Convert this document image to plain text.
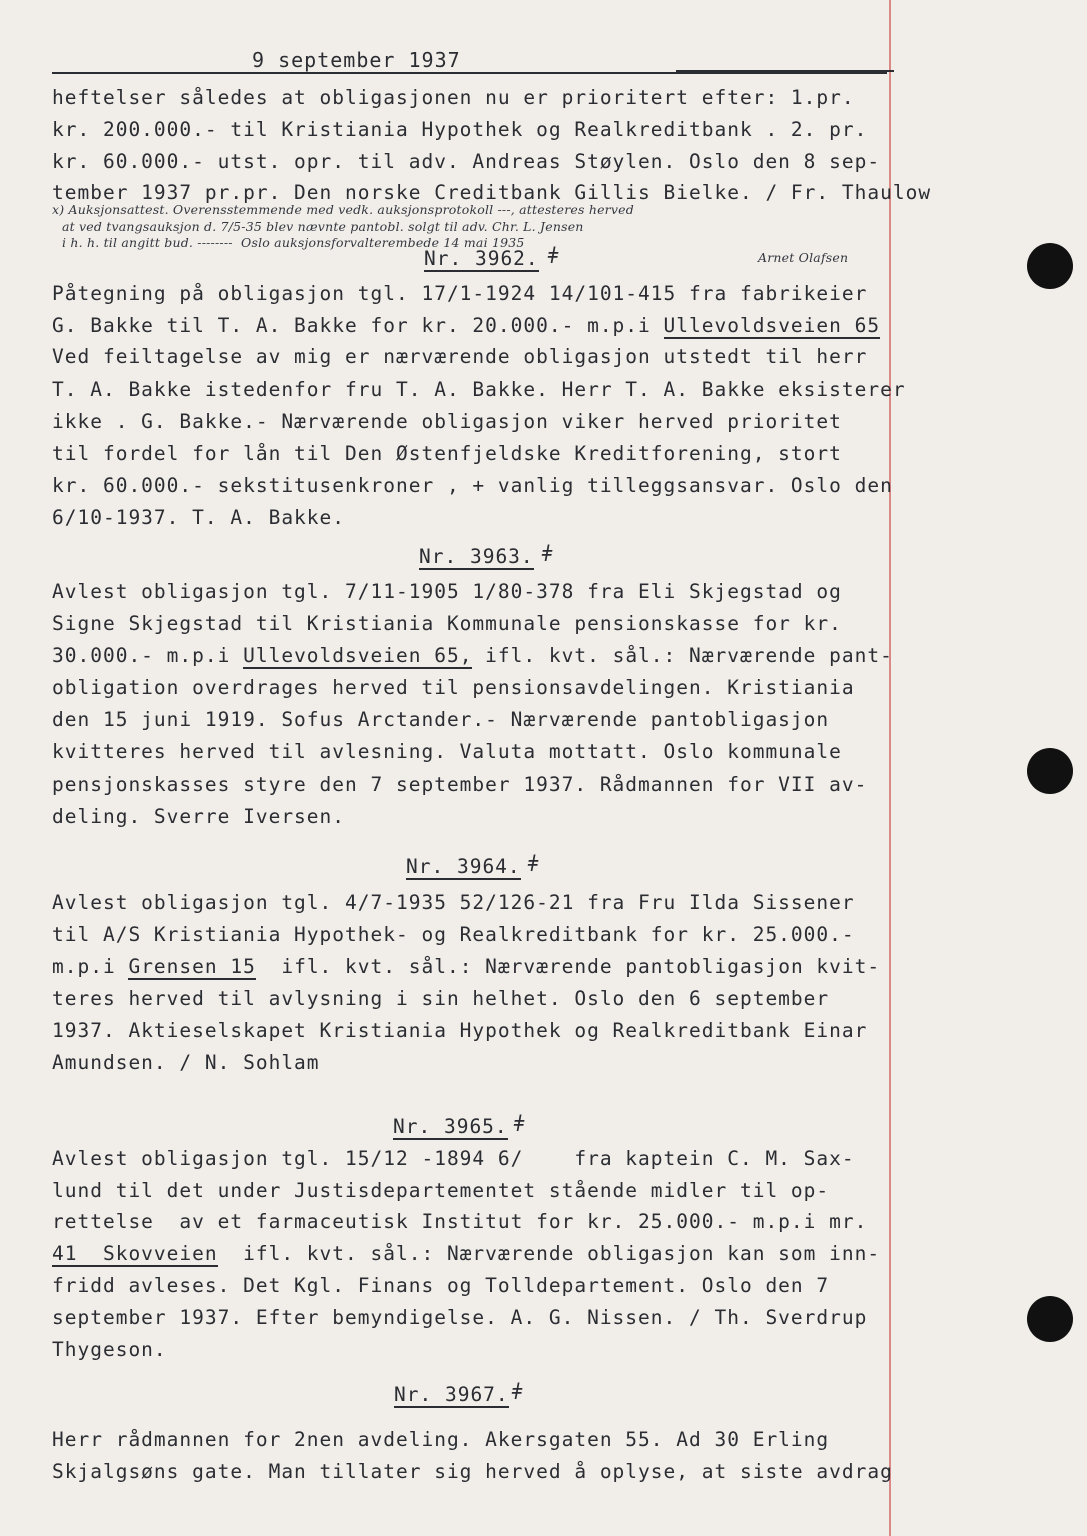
9 september 1937

heftelser således at obligasjonen nu er prioritert efter: 1.pr.

kr. 200.000.- til Kristiania Hypothek og Realkreditbank . 2. pr.

kr. 60.000.- utst. opr. til adv. Andreas Støylen. Oslo den 8 sep-

tember 1937 pr.pr. Den norske Creditbank Gillis Bielke. / Fr. Thaulow

x) Auksjonsattest. Overensstemmende med vedk. auksjonsprotokoll ---, attesteres herved
at ved tvangsauksjon d. 7/5-35 blev nævnte pantobl. solgt til adv. Chr. L. Jensen
i h. h. til angitt bud. --------  Oslo auksjonsforvalterembede 14 mai 1935
Arnet Olafsen
Nr. 3962. ǂ

Påtegning på obligasjon tgl. 17/1-1924 14/101-415 fra fabrikeier

G. Bakke til T. A. Bakke for kr. 20.000.- m.p.i Ullevoldsveien 65

Ved feiltagelse av mig er nærværende obligasjon utstedt til herr

T. A. Bakke istedenfor fru T. A. Bakke. Herr T. A. Bakke eksisterer

ikke . G. Bakke.- Nærværende obligasjon viker herved prioritet

til fordel for lån til Den Østenfjeldske Kreditforening, stort

kr. 60.000.- sekstitusenkroner , + vanlig tilleggsansvar. Oslo den

6/10-1937. T. A. Bakke.

Nr. 3963. ǂ

Avlest obligasjon tgl. 7/11-1905 1/80-378 fra Eli Skjegstad og

Signe Skjegstad til Kristiania Kommunale pensionskasse for kr.

30.000.- m.p.i Ullevoldsveien 65, ifl. kvt. sål.: Nærværende pant-

obligation overdrages herved til pensionsavdelingen. Kristiania

den 15 juni 1919. Sofus Arctander.- Nærværende pantobligasjon

kvitteres herved til avlesning. Valuta mottatt. Oslo kommunale

pensjonskasses styre den 7 september 1937. Rådmannen for VII av-

deling. Sverre Iversen.

Nr. 3964. ǂ

Avlest obligasjon tgl. 4/7-1935 52/126-21 fra Fru Ilda Sissener

til A/S Kristiania Hypothek- og Realkreditbank for kr. 25.000.-

m.p.i Grensen 15  ifl. kvt. sål.: Nærværende pantobligasjon kvit-

teres herved til avlysning i sin helhet. Oslo den 6 september

1937. Aktieselskapet Kristiania Hypothek og Realkreditbank Einar

Amundsen. / N. Sohlam

Nr. 3965. ǂ

Avlest obligasjon tgl. 15/12 -1894 6/    fra kaptein C. M. Sax-

lund til det under Justisdepartementet stående midler til op-

rettelse  av et farmaceutisk Institut for kr. 25.000.- m.p.i mr.

41  Skovveien  ifl. kvt. sål.: Nærværende obligasjon kan som inn-

fridd avleses. Det Kgl. Finans og Tolldepartement. Oslo den 7

september 1937. Efter bemyndigelse. A. G. Nissen. / Th. Sverdrup

Thygeson.

Nr. 3967. ǂ

Herr rådmannen for 2nen avdeling. Akersgaten 55. Ad 30 Erling

Skjalgsøns gate. Man tillater sig herved å oplyse, at siste avdrag
